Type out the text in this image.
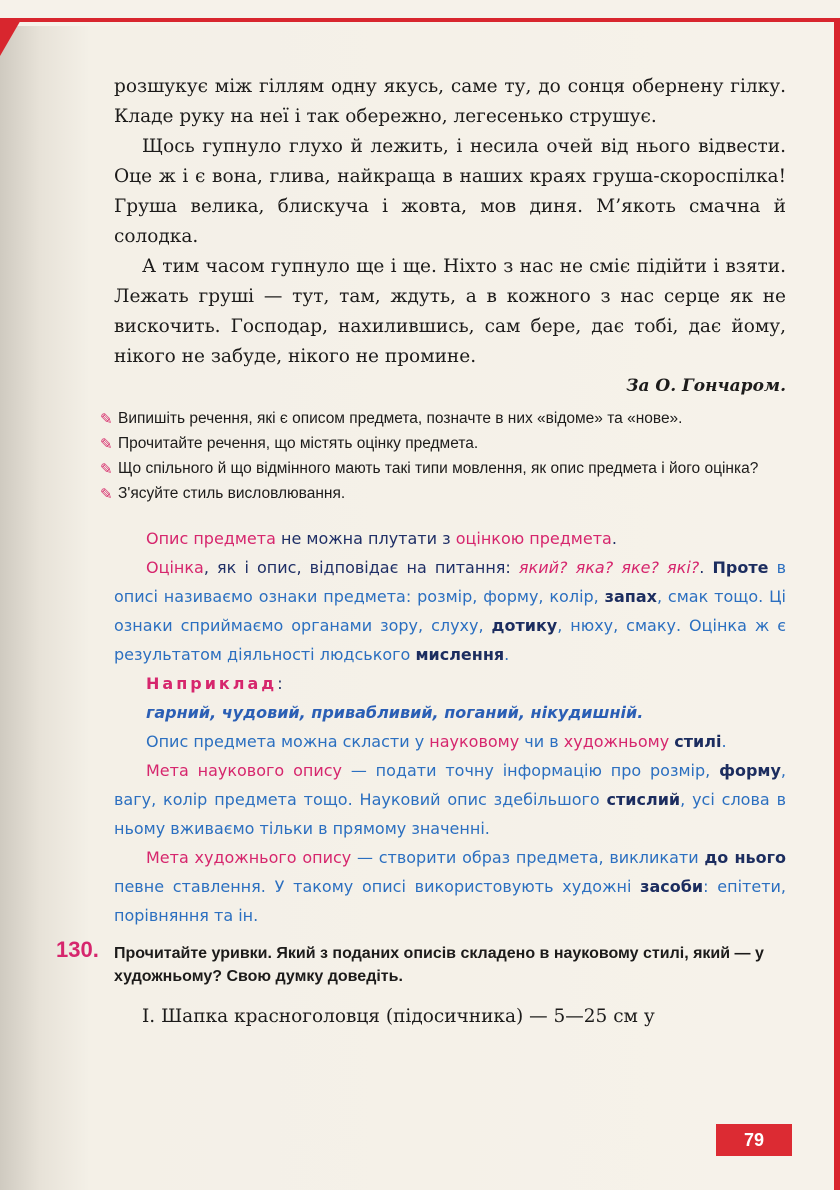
розшукує між гіллям одну якусь, саме ту, до сонця обернену гілку. Кладе руку на неї і так обережно, легесенько струшує.

Щось гупнуло глухо й лежить, і несила очей від нього відвести. Оце ж і є вона, глива, найкраща в наших краях груша-скороспілка! Груша велика, блискуча і жовта, мов диня. М’якоть смачна й солодка.

А тим часом гупнуло ще і ще. Ніхто з нас не сміє підійти і взяти. Лежать груші — тут, там, ждуть, а в кожного з нас серце як не вискочить. Господар, нахилившись, сам бере, дає тобі, дає йому, нікого не забуде, нікого не промине.

За О. Гончаром.

✎ Випишіть речення, які є описом предмета, позначте в них «відоме» та «нове».
✎ Прочитайте речення, що містять оцінку предмета.
✎ Що спільного й що відмінного мають такі типи мовлення, як опис предмета і його оцінка?
✎ З'ясуйте стиль висловлювання.

Опис предмета не можна плутати з оцінкою предмета.

Оцінка, як і опис, відповідає на питання: який? яка? яке? які?. Проте в описі називаємо ознаки предмета: розмір, форму, колір, запах, смак тощо. Ці ознаки сприймаємо органами зору, слуху, дотику, нюху, смаку. Оцінка ж є результатом діяльності людського мислення.

Наприклад:

гарний, чудовий, привабливий, поганий, нікудишній.

Опис предмета можна скласти у науковому чи в художньому стилі.

Мета наукового опису — подати точну інформацію про розмір, форму, вагу, колір предмета тощо. Науковий опис здебільшого стислий, усі слова в ньому вживаємо тільки в прямому значенні.

Мета художнього опису — створити образ предмета, викликати до нього певне ставлення. У такому описі використовують художні засоби: епітети, порівняння та ін.

130. Прочитайте уривки. Який з поданих описів складено в науковому стилі, який — у художньому? Свою думку доведіть.
I. Шапка красноголовця (підосичника) — 5—25 см у
79
